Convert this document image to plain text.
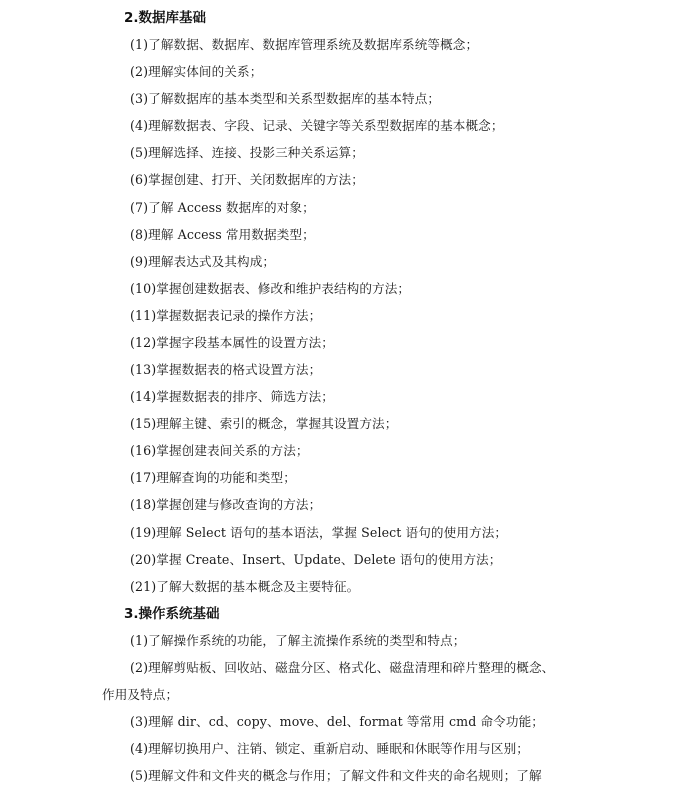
2.数据库基础
(1)了解数据、数据库、数据库管理系统及数据库系统等概念；
(2)理解实体间的关系；
(3)了解数据库的基本类型和关系型数据库的基本特点；
(4)理解数据表、字段、记录、关键字等关系型数据库的基本概念；
(5)理解选择、连接、投影三种关系运算；
(6)掌握创建、打开、关闭数据库的方法；
(7)了解 Access 数据库的对象；
(8)理解 Access 常用数据类型；
(9)理解表达式及其构成；
(10)掌握创建数据表、修改和维护表结构的方法；
(11)掌握数据表记录的操作方法；
(12)掌握字段基本属性的设置方法；
(13)掌握数据表的格式设置方法；
(14)掌握数据表的排序、筛选方法；
(15)理解主键、索引的概念，掌握其设置方法；
(16)掌握创建表间关系的方法；
(17)理解查询的功能和类型；
(18)掌握创建与修改查询的方法；
(19)理解 Select 语句的基本语法，掌握 Select 语句的使用方法；
(20)掌握 Create、Insert、Update、Delete 语句的使用方法；
(21)了解大数据的基本概念及主要特征。
3.操作系统基础
(1)了解操作系统的功能，了解主流操作系统的类型和特点；
(2)理解剪贴板、回收站、磁盘分区、格式化、磁盘清理和碎片整理的概念、
作用及特点；
(3)理解 dir、cd、copy、move、del、format 等常用 cmd 命令功能；
(4)理解切换用户、注销、锁定、重新启动、睡眠和休眠等作用与区别；
(5)理解文件和文件夹的概念与作用；了解文件和文件夹的命名规则；了解
